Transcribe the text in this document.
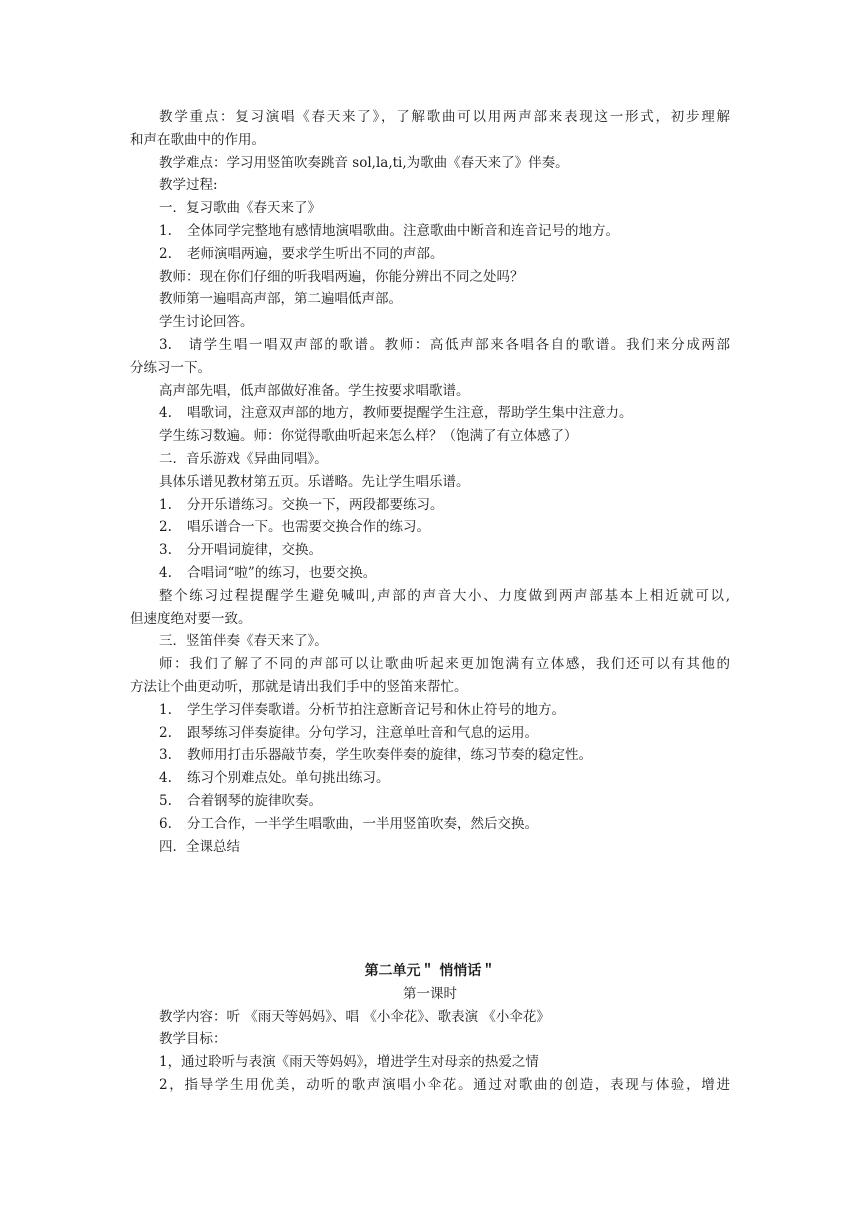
教学重点：复习演唱《春天来了》，了解歌曲可以用两声部来表现这一形式，初步理解
和声在歌曲中的作用。
教学难点：学习用竖笛吹奏跳音 sol,la,ti,为歌曲《春天来了》伴奏。
教学过程:
一．复习歌曲《春天来了》
1. 全体同学完整地有感情地演唱歌曲。注意歌曲中断音和连音记号的地方。
2. 老师演唱两遍，要求学生听出不同的声部。
教师：现在你们仔细的听我唱两遍，你能分辨出不同之处吗？
教师第一遍唱高声部，第二遍唱低声部。
学生讨论回答。
3. 请学生唱一唱双声部的歌谱。教师：高低声部来各唱各自的歌谱。我们来分成两部
分练习一下。
高声部先唱，低声部做好准备。学生按要求唱歌谱。
4. 唱歌词，注意双声部的地方，教师要提醒学生注意，帮助学生集中注意力。
学生练习数遍。师：你觉得歌曲听起来怎么样？（饱满了有立体感了）
二．音乐游戏《异曲同唱》。
具体乐谱见教材第五页。乐谱略。先让学生唱乐谱。
1. 分开乐谱练习。交换一下，两段都要练习。
2. 唱乐谱合一下。也需要交换合作的练习。
3. 分开唱词旋律，交换。
4. 合唱词“啦”的练习，也要交换。
整个练习过程提醒学生避免喊叫,声部的声音大小、力度做到两声部基本上相近就可以,
但速度绝对要一致。
三．竖笛伴奏《春天来了》。
师：我们了解了不同的声部可以让歌曲听起来更加饱满有立体感，我们还可以有其他的
方法让个曲更动听，那就是请出我们手中的竖笛来帮忙。
1. 学生学习伴奏歌谱。分析节拍注意断音记号和休止符号的地方。
2. 跟琴练习伴奏旋律。分句学习，注意单吐音和气息的运用。
3. 教师用打击乐器敲节奏，学生吹奏伴奏的旋律，练习节奏的稳定性。
4. 练习个别难点处。单句挑出练习。
5. 合着钢琴的旋律吹奏。
6. 分工合作，一半学生唱歌曲，一半用竖笛吹奏，然后交换。
四．全课总结
第二单元＂ 悄悄话＂
第一课时
教学内容：听 《雨天等妈妈》、唱 《小伞花》、歌表演 《小伞花》
教学目标：
1，通过聆听与表演《雨天等妈妈》，增进学生对母亲的热爱之情
2，指导学生用优美，动听的歌声演唱小伞花。通过对歌曲的创造，表现与体验，增进
